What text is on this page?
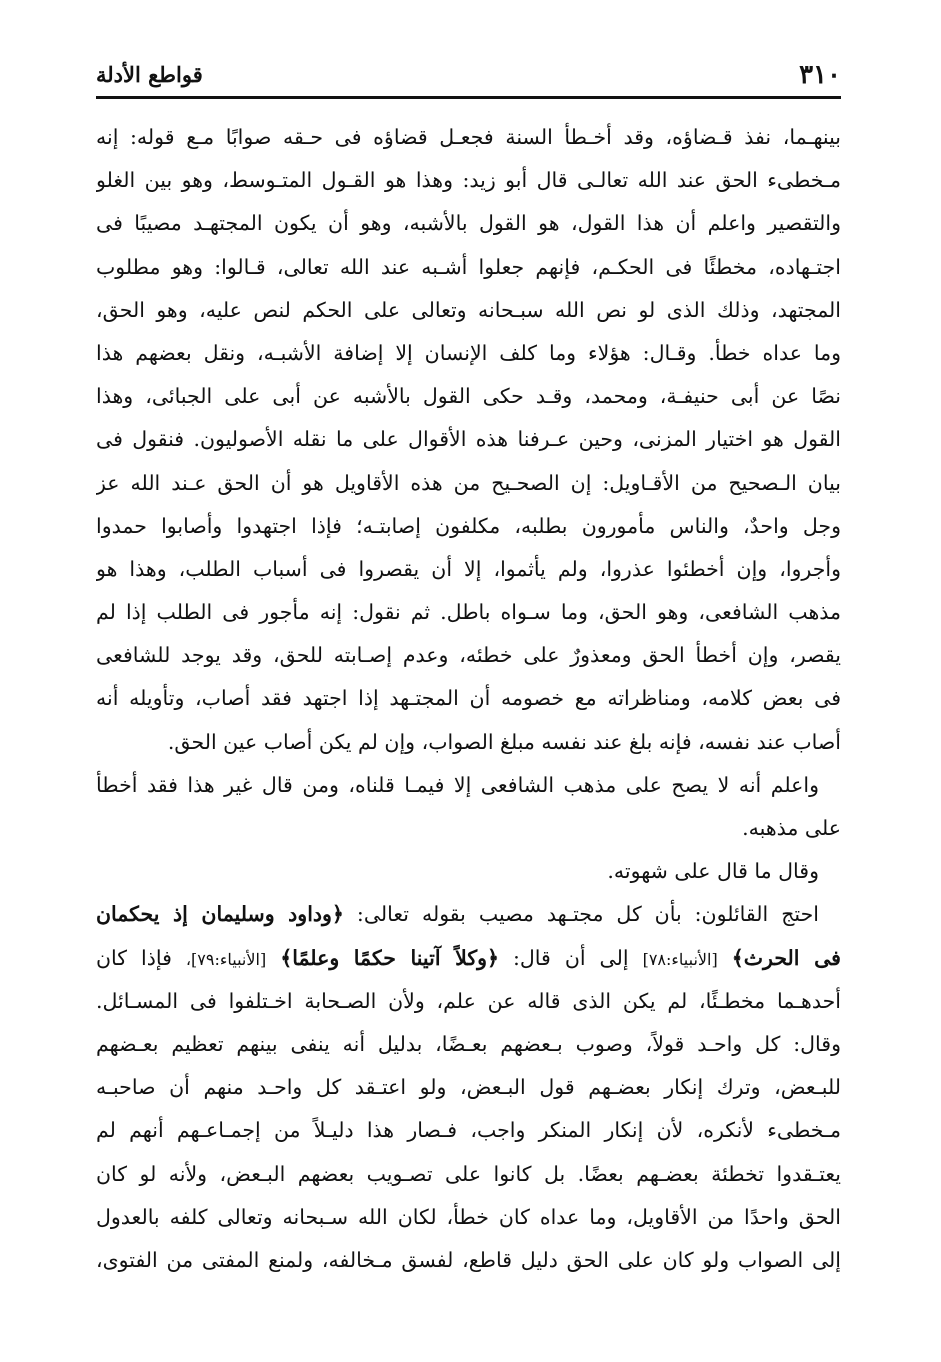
٣١٠
قواطع الأدلة
بينهـما، نفذ قـضاؤه، وقد أخـطأ السنة فجعـل قضاؤه فى حـقه صوابًا مـع قوله: إنه
مـخطىء الحق عند الله تعالـى قال أبو زيد: وهذا هو القـول المتـوسط، وهو بين الغلو
والتقصير واعلم أن هذا القول، هو القول بالأشبه، وهو أن يكون المجتهـد مصيبًا فى
اجتـهاده، مخطئًا فى الحكـم، فإنهم جعلوا أشـبه عند الله تعالى، قـالوا: وهو مطلوب
المجتهد، وذلك الذى لو نص الله سبـحانه وتعالى على الحكم لنص عليه، وهو الحق،
وما عداه خطأ. وقـال: هؤلاء وما كلف الإنسان إلا إضافة الأشبـه، ونقل بعضهم هذا
نصًا عن أبى حنيفـة، ومحمد، وقـد حكى القول بالأشبه عن أبى على الجبائى، وهذا
القول هو اختيار المزنى، وحين عـرفنا هذه الأقوال على ما نقله الأصوليون. فنقول فى
بيان الـصحيح من الأقـاويل: إن الصحـيح من هذه الأقاويل هو أن الحق عـند الله عز
وجل واحدٌ، والناس مأمورون بطلبه، مكلفون إصابتـه؛ فإذا اجتهدوا وأصابوا حمدوا
وأجروا، وإن أخطئوا عذروا، ولم يأثموا، إلا أن يقصروا فى أسباب الطلب، وهذا هو
مذهب الشافعى، وهو الحق، وما سـواه باطل. ثم نقول: إنه مأجور فى الطلب إذا لم
يقصر، وإن أخطأ الحق ومعذورٌ على خطئه، وعدم إصـابته للحق، وقد يوجد للشافعى
فى بعض كلامه، ومناظراته مع خصومه أن المجتـهد إذا اجتهد فقد أصاب، وتأويله أنه
أصاب عند نفسه، فإنه بلغ عند نفسه مبلغ الصواب، وإن لم يكن أصاب عين الحق.
واعلم أنه لا يصح على مذهب الشافعى إلا فيمـا قلناه، ومن قال غير هذا فقد أخطأ
على مذهبه.
وقال ما قال على شهوته.
احتج القائلون: بأن كل مجتـهد مصيب بقوله تعالى: ﴿وداود وسليمان إذ يحكمان
فى الحرث﴾ [الأنبياء:٧٨] إلى أن قال: ﴿وكلاً آتينا حكمًا وعلمًا﴾ [الأنبياء:٧٩]، فإذا كان
أحدهـما مخطـئًا، لم يكن الذى قاله عن علم، ولأن الصـحابة اخـتلفوا فى المسـائل.
وقال: كل واحـد قولاً، وصوب بـعضهم بعـضًا، بدليل أنه ينفى بينهم تعظيم بعـضهم
للبـعض، وترك إنكار بعضـهم قول البـعض، ولو اعتـقد كل واحـد منهم أن صاحبـه
مـخطىء لأنكره، لأن إنكار المنكر واجب، فـصار هذا دليـلاً من إجمـاعـهم أنهم لم
يعتـقدوا تخطئة بعضـهم بعضًا. بل كانوا على تصـويب بعضهم البـعض، ولأنه لو كان
الحق واحدًا من الأقاويل، وما عداه كان خطأ، لكان الله سـبحانه وتعالى كلفه بالعدول
إلى الصواب ولو كان على الحق دليل قاطع، لفسق مـخالفه، ولمنع المفتى من الفتوى،
